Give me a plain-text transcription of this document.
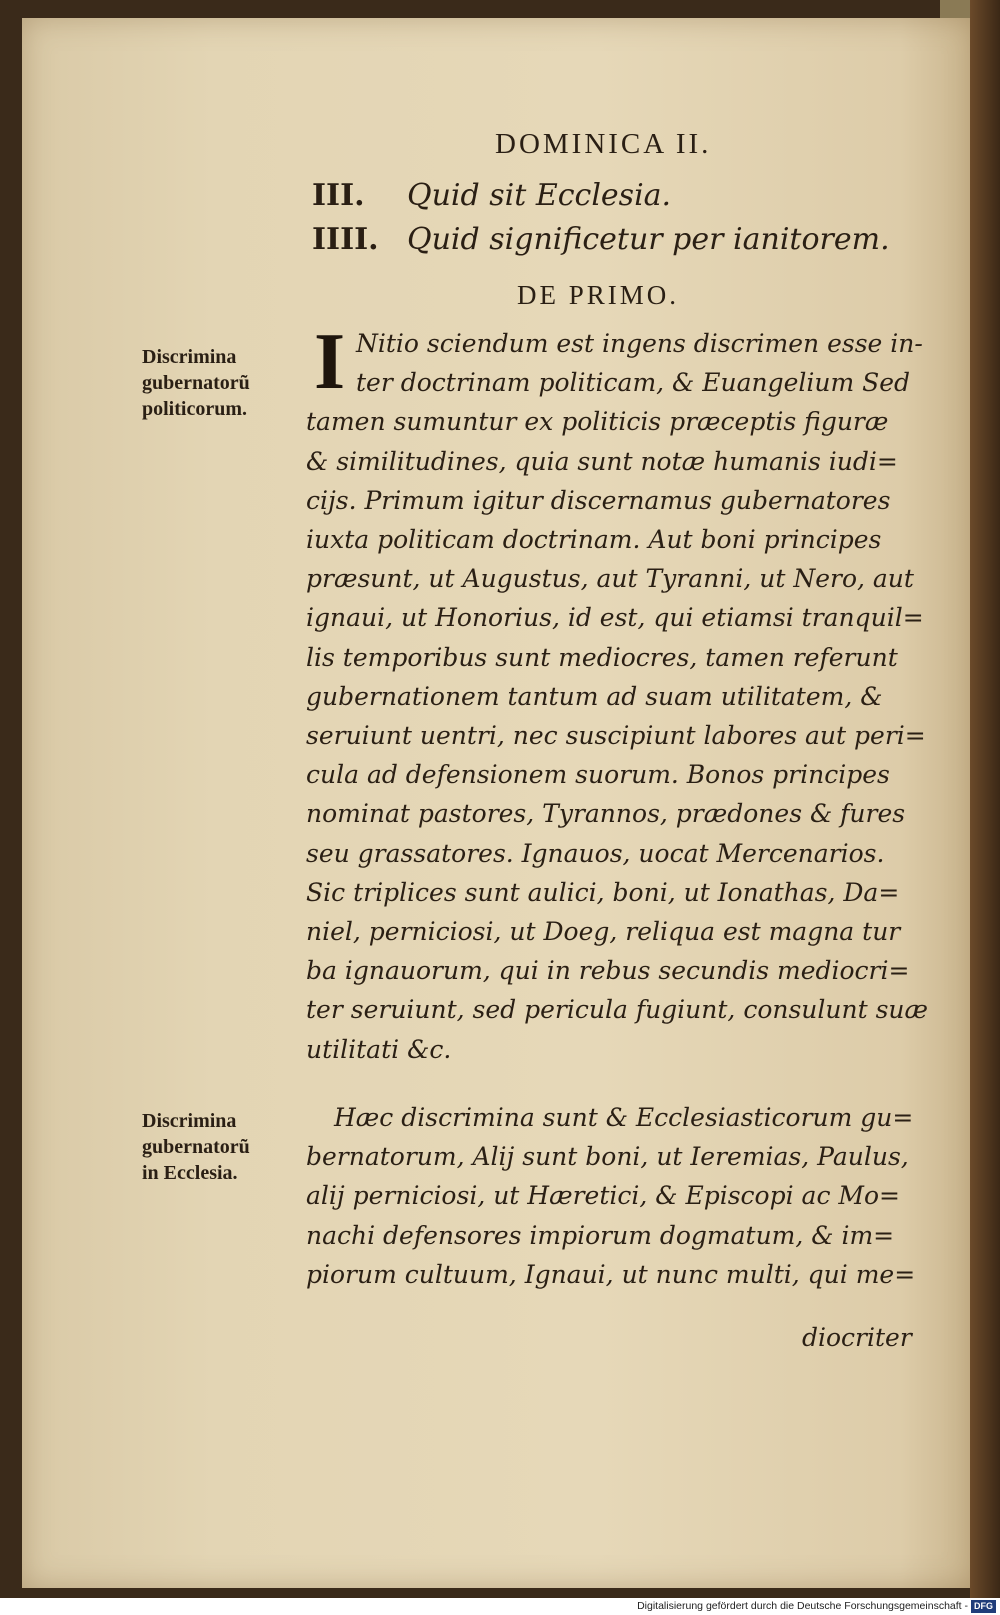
DOMINICA II.
III. Quid sit Ecclesia.
IIII. Quid significetur per ianitorem.
DE PRIMO.
Discrimina
gubernatorũ
politicorum.
Discrimina
gubernatorũ
in Ecclesia.
I Nitio sciendum est ingens discrimen esse in-
ter doctrinam politicam, & Euangelium Sed
tamen sumuntur ex politicis præceptis figuræ
& similitudines, quia sunt notæ humanis iudi=
cijs. Primum igitur discernamus gubernatores
iuxta politicam doctrinam. Aut boni principes
præsunt, ut Augustus, aut Tyranni, ut Nero, aut
ignaui, ut Honorius, id est, qui etiamsi tranquil=
lis temporibus sunt mediocres, tamen referunt
gubernationem tantum ad suam utilitatem, &
seruiunt uentri, nec suscipiunt labores aut peri=
cula ad defensionem suorum. Bonos principes
nominat pastores, Tyrannos, prædones & fures
seu grassatores. Ignauos, uocat Mercenarios.
Sic triplices sunt aulici, boni, ut Ionathas, Da=
niel, perniciosi, ut Doeg, reliqua est magna tur
ba ignauorum, qui in rebus secundis mediocri=
ter seruiunt, sed pericula fugiunt, consulunt suæ
utilitati &c.
Hæc discrimina sunt & Ecclesiasticorum gu=
bernatorum, Alij sunt boni, ut Ieremias, Paulus,
alij perniciosi, ut Hæretici, & Episcopi ac Mo=
nachi defensores impiorum dogmatum, & im=
piorum cultuum, Ignaui, ut nunc multi, qui me=
diocriter
Digitalisierung gefördert durch die Deutsche Forschungsgemeinschaft - DFG
